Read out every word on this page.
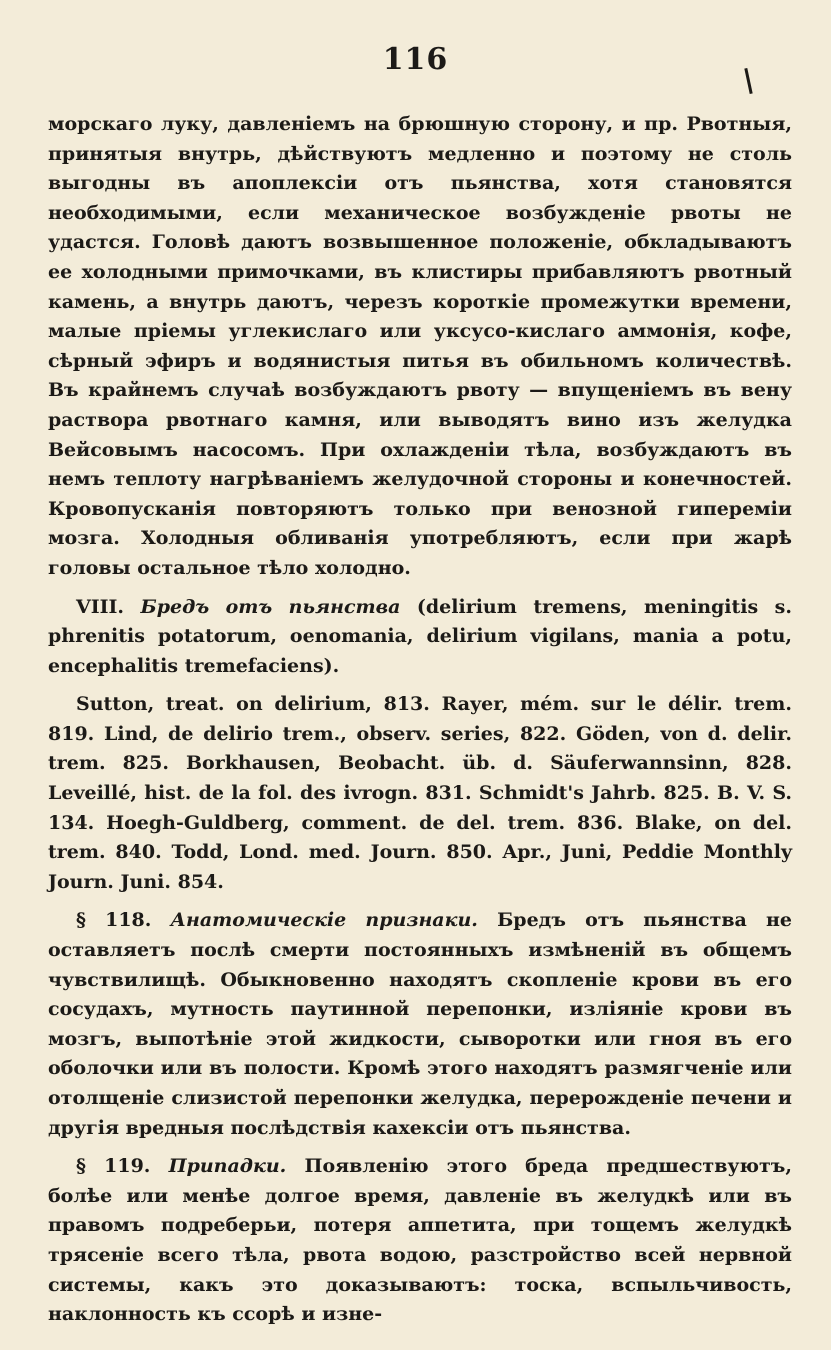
116

морскаго луку, давленіемъ на брюшную сторону, и пр. Рвотныя, принятыя внутрь, дѣйствуютъ медленно и поэтому не столь выгодны въ апоплексіи отъ пьянства, хотя становятся необходимыми, если механическое возбужденіе рвоты не удастся. Головѣ даютъ возвышенное положеніе, обкладываютъ ее холодными примочками, въ клистиры прибавляютъ рвотный камень, а внутрь даютъ, черезъ короткіе промежутки времени, малые пріемы углекислаго или уксусо-кислаго аммонія, кофе, сѣрный эфиръ и водянистыя питья въ обильномъ количествѣ. Въ крайнемъ случаѣ возбуждаютъ рвоту — впущеніемъ въ вену раствора рвотнаго камня, или выводятъ вино изъ желудка Вейсовымъ насосомъ. При охлажденіи тѣла, возбуждаютъ въ немъ теплоту нагрѣваніемъ желудочной стороны и конечностей. Кровопусканія повторяютъ только при венозной гипереміи мозга. Холодныя обливанія употребляютъ, если при жарѣ головы остальное тѣло холодно.

VIII. Бредъ отъ пьянства (delirium tremens, meningitis s. phrenitis potatorum, oenomania, delirium vigilans, mania a potu, encephalitis tremefaciens).

Sutton, treat. on delirium, 813. Rayer, mém. sur le délir. trem. 819. Lind, de delirio trem., observ. series, 822. Göden, von d. delir. trem. 825. Borkhausen, Beobacht. üb. d. Säuferwannsinn, 828. Leveillé, hist. de la fol. des ivrogn. 831. Schmidt's Jahrb. 825. B. V. S. 134. Hoegh-Guldberg, comment. de del. trem. 836. Blake, on del. trem. 840. Todd, Lond. med. Journ. 850. Apr., Juni, Peddie Monthly Journ. Juni. 854.

§ 118. Анатомическіе признаки. Бредъ отъ пьянства не оставляетъ послѣ смерти постоянныхъ измѣненій въ общемъ чувствилищѣ. Обыкновенно находятъ скопленіе крови въ его сосудахъ, мутность паутинной перепонки, изліяніе крови въ мозгъ, выпотѣніе этой жидкости, сыворотки или гноя въ его оболочки или въ полости. Кромѣ этого находятъ размягченіе или отолщеніе слизистой перепонки желудка, перерожденіе печени и другія вредныя послѣдствія кахексіи отъ пьянства.

§ 119. Припадки. Появленію этого бреда предшествуютъ, болѣе или менѣе долгое время, давленіе въ желудкѣ или въ правомъ подреберьи, потеря аппетита, при тощемъ желудкѣ трясеніе всего тѣла, рвота водою, разстройство всей нервной системы, какъ это доказываютъ: тоска, вспыльчивость, наклонность къ ссорѣ и изне-
